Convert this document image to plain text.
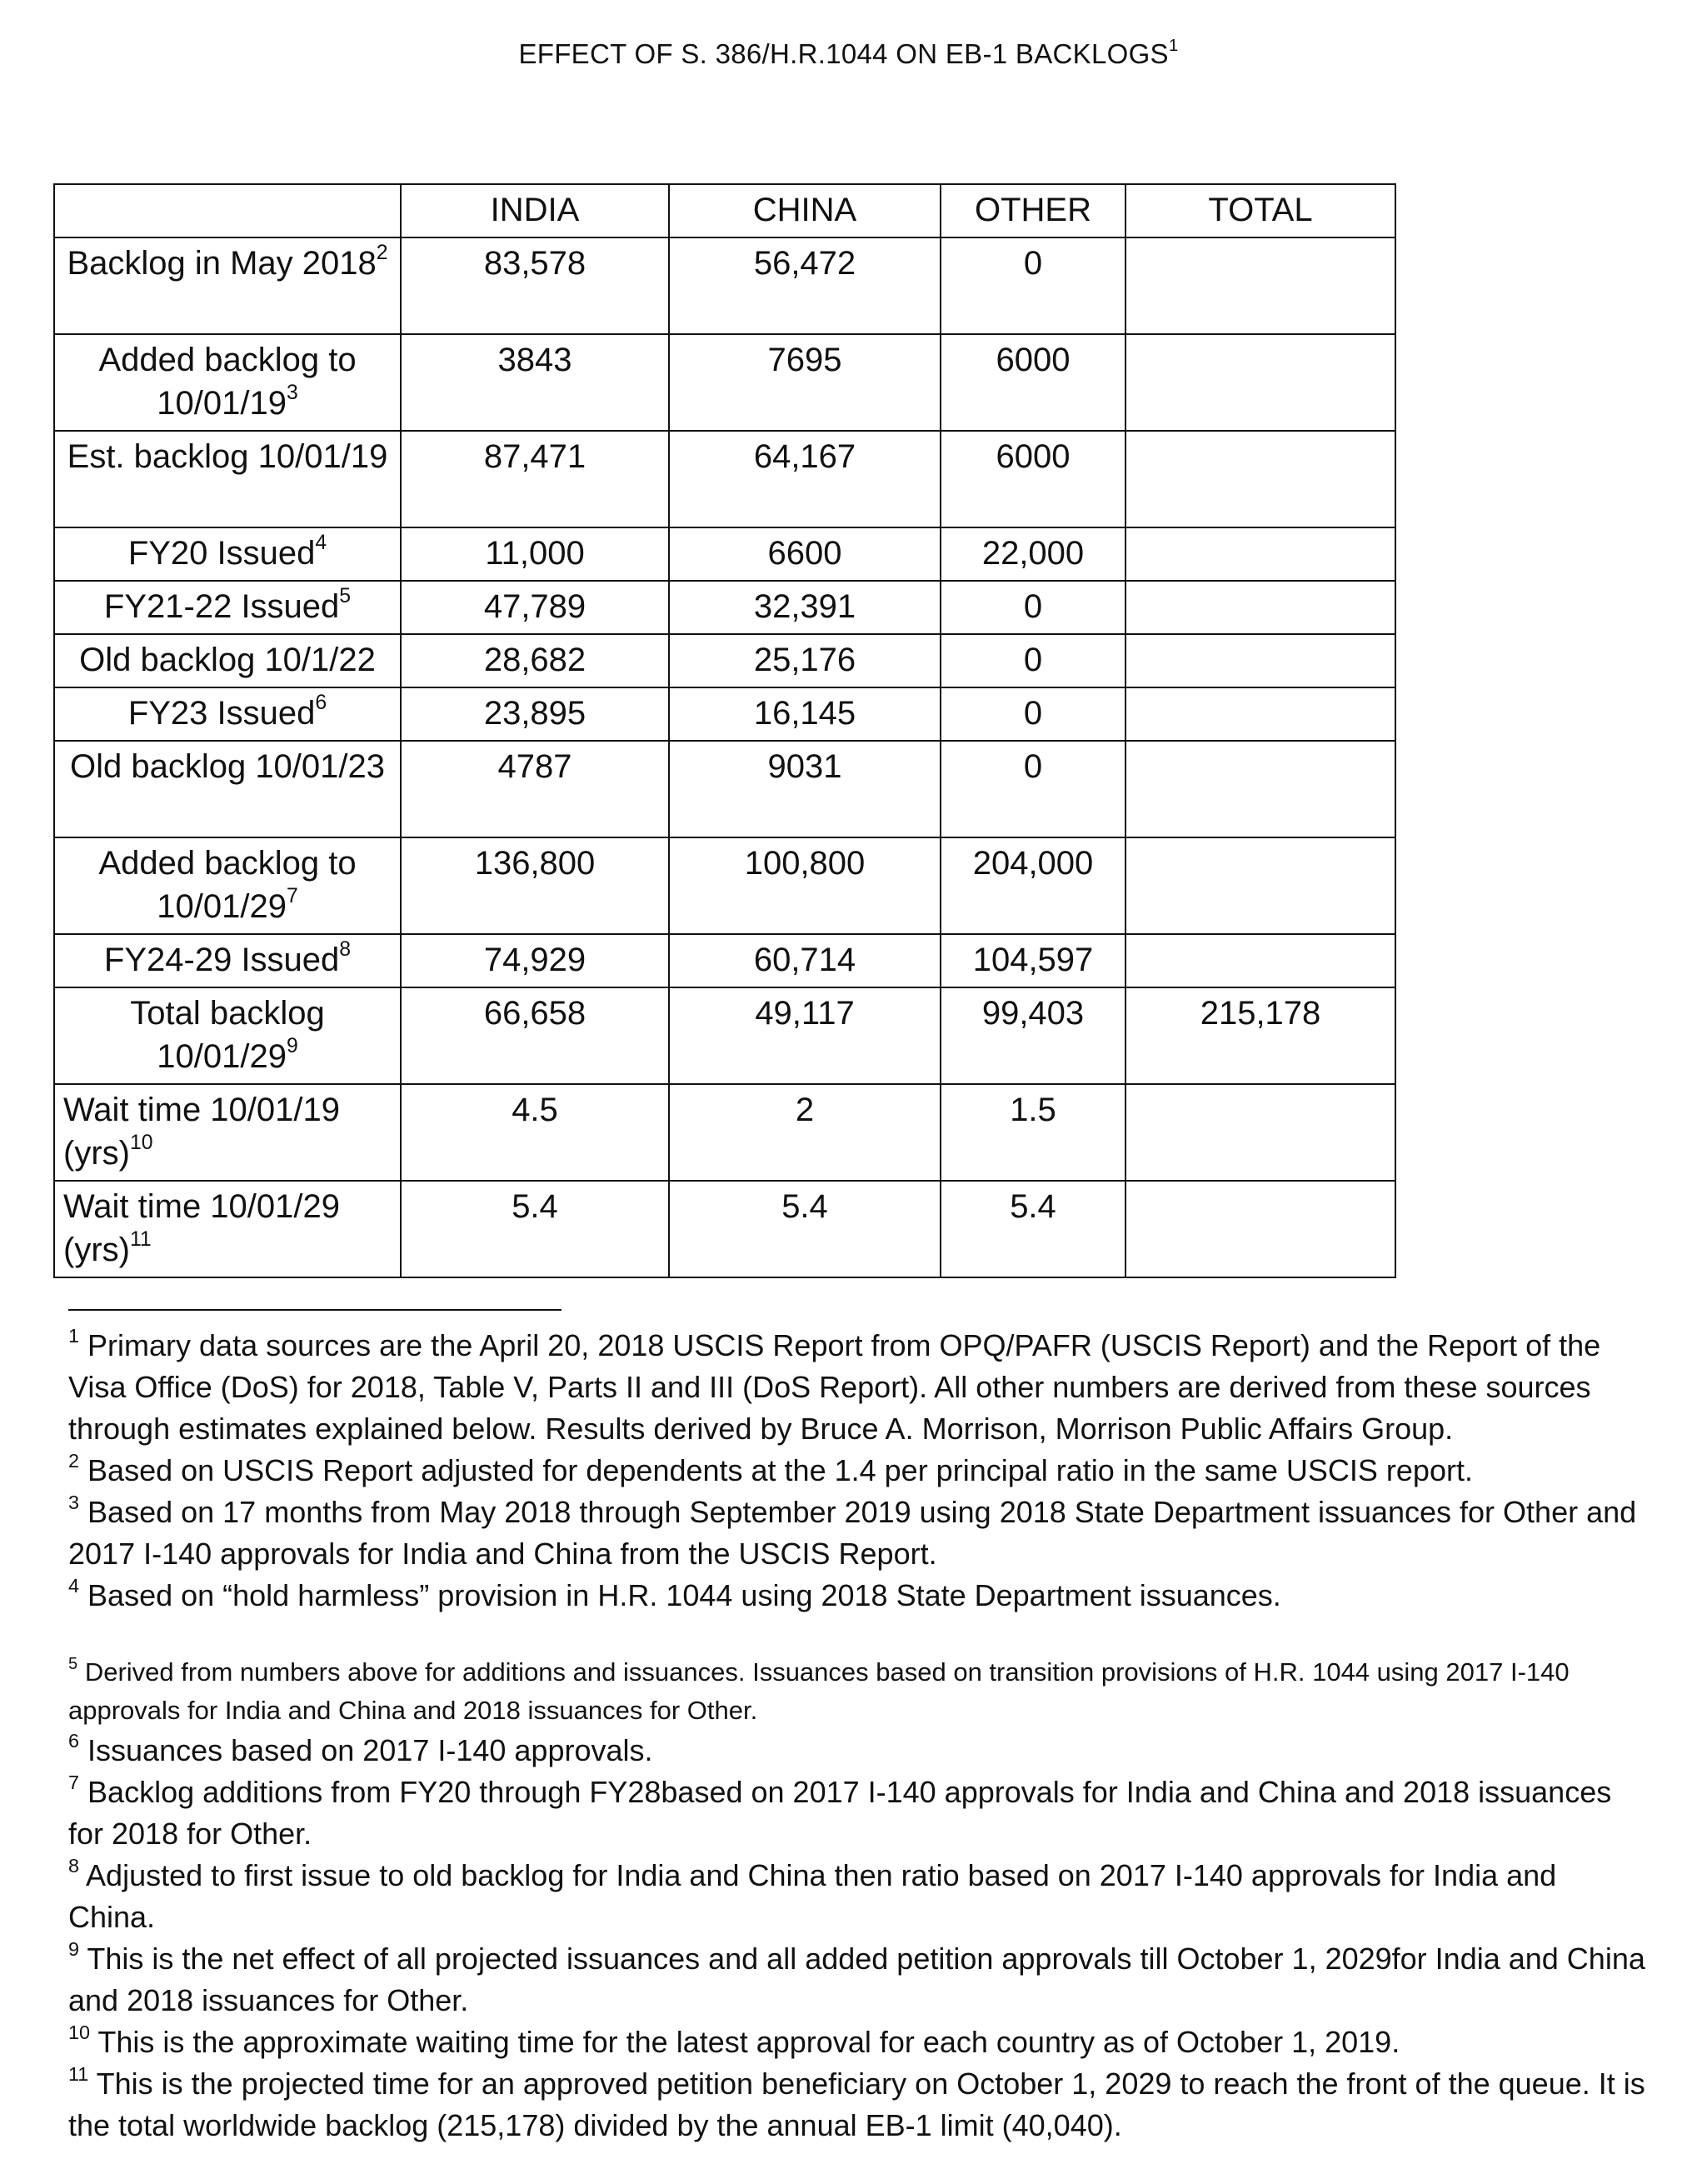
EFFECT OF S. 386/H.R.1044 ON EB-1 BACKLOGS$^1$
	INDIA	CHINA	OTHER	TOTAL
Backlog in May 2018$^2$	83,578	56,472	0	
Added backlog to $10/01/19^3$	3843	7695	6000	
Est. backlog 10/01/19	87,471	64,167	6000	
FY20 Issued$^4$	11,000	6600	22,000	
FY21-22 Issued$^5$	47,789	32,391	0	
Old backlog 10/1/22	28,682	25,176	0	
FY23 Issued$^6$	23,895	16,145	0	
Old backlog 10/01/23	4787	9031	0	
Added backlog to $10/01/29^7$	136,800	100,800	204,000	
FY24-29 Issued$^8$	74,929	60,714	104,597	
Total backlog $10/01/29^9$	66,658	49,117	99,403	215,178
Wait time 10/01/19 (yrs)$^{10}$	4.5	2	1.5	
Wait time 10/01/29 (yrs)$^{11}$	5.4	5.4	5.4	

$^1$ Primary data sources are the April 20, 2018 USCIS Report from OPQ/PAFR (USCIS Report) and the Report of the Visa Office (DoS) for 2018, Table V, Parts II and III (DoS Report). All other numbers are derived from these sources through estimates explained below. Results derived by Bruce A. Morrison, Morrison Public Affairs Group.

$^2$ Based on USCIS Report adjusted for dependents at the 1.4 per principal ratio in the same USCIS report.

$^3$ Based on 17 months from May 2018 through September 2019 using 2018 State Department issuances for Other and 2017 I-140 approvals for India and China from the USCIS Report.

$^4$ Based on “hold harmless” provision in H.R. 1044 using 2018 State Department issuances.

$^5$ Derived from numbers above for additions and issuances. Issuances based on transition provisions of H.R. 1044 using 2017 I-140 approvals for India and China and 2018 issuances for Other.

$^6$ Issuances based on 2017 I-140 approvals.

$^7$ Backlog additions from FY20 through FY28based on 2017 I-140 approvals for India and China and 2018 issuances for 2018 for Other.

$^8$ Adjusted to first issue to old backlog for India and China then ratio based on 2017 I-140 approvals for India and China.

$^9$ This is the net effect of all projected issuances and all added petition approvals till October 1, 2029for India and China and 2018 issuances for Other.

$^{10}$ This is the approximate waiting time for the latest approval for each country as of October 1, 2019.

$^{11}$ This is the projected time for an approved petition beneficiary on October 1, 2029 to reach the front of the queue. It is the total worldwide backlog (215,178) divided by the annual EB-1 limit (40,040).
